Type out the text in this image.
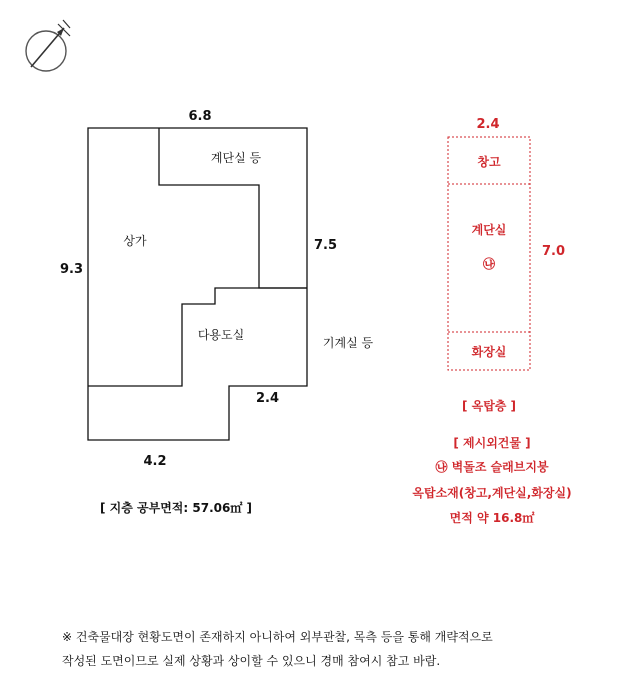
6.8
9.3
7.5
2.4
4.2
계단실 등
상가
다용도실
기계실 등
[ 지층 공부면적: 57.06㎡ ]
2.4
7.0
창고
계단실
㉯
화장실
[ 옥탑층 ]
[ 제시외건물 ]
㉯ 벽돌조 슬래브지붕
옥탑소재(창고,계단실,화장실)
면적 약 16.8㎡
※ 건축물대장 현황도면이 존재하지 아니하여 외부관찰, 목측 등을 통해 개략적으로
작성된 도면이므로 실제 상황과 상이할 수 있으니 경매 참여시 참고 바람.
